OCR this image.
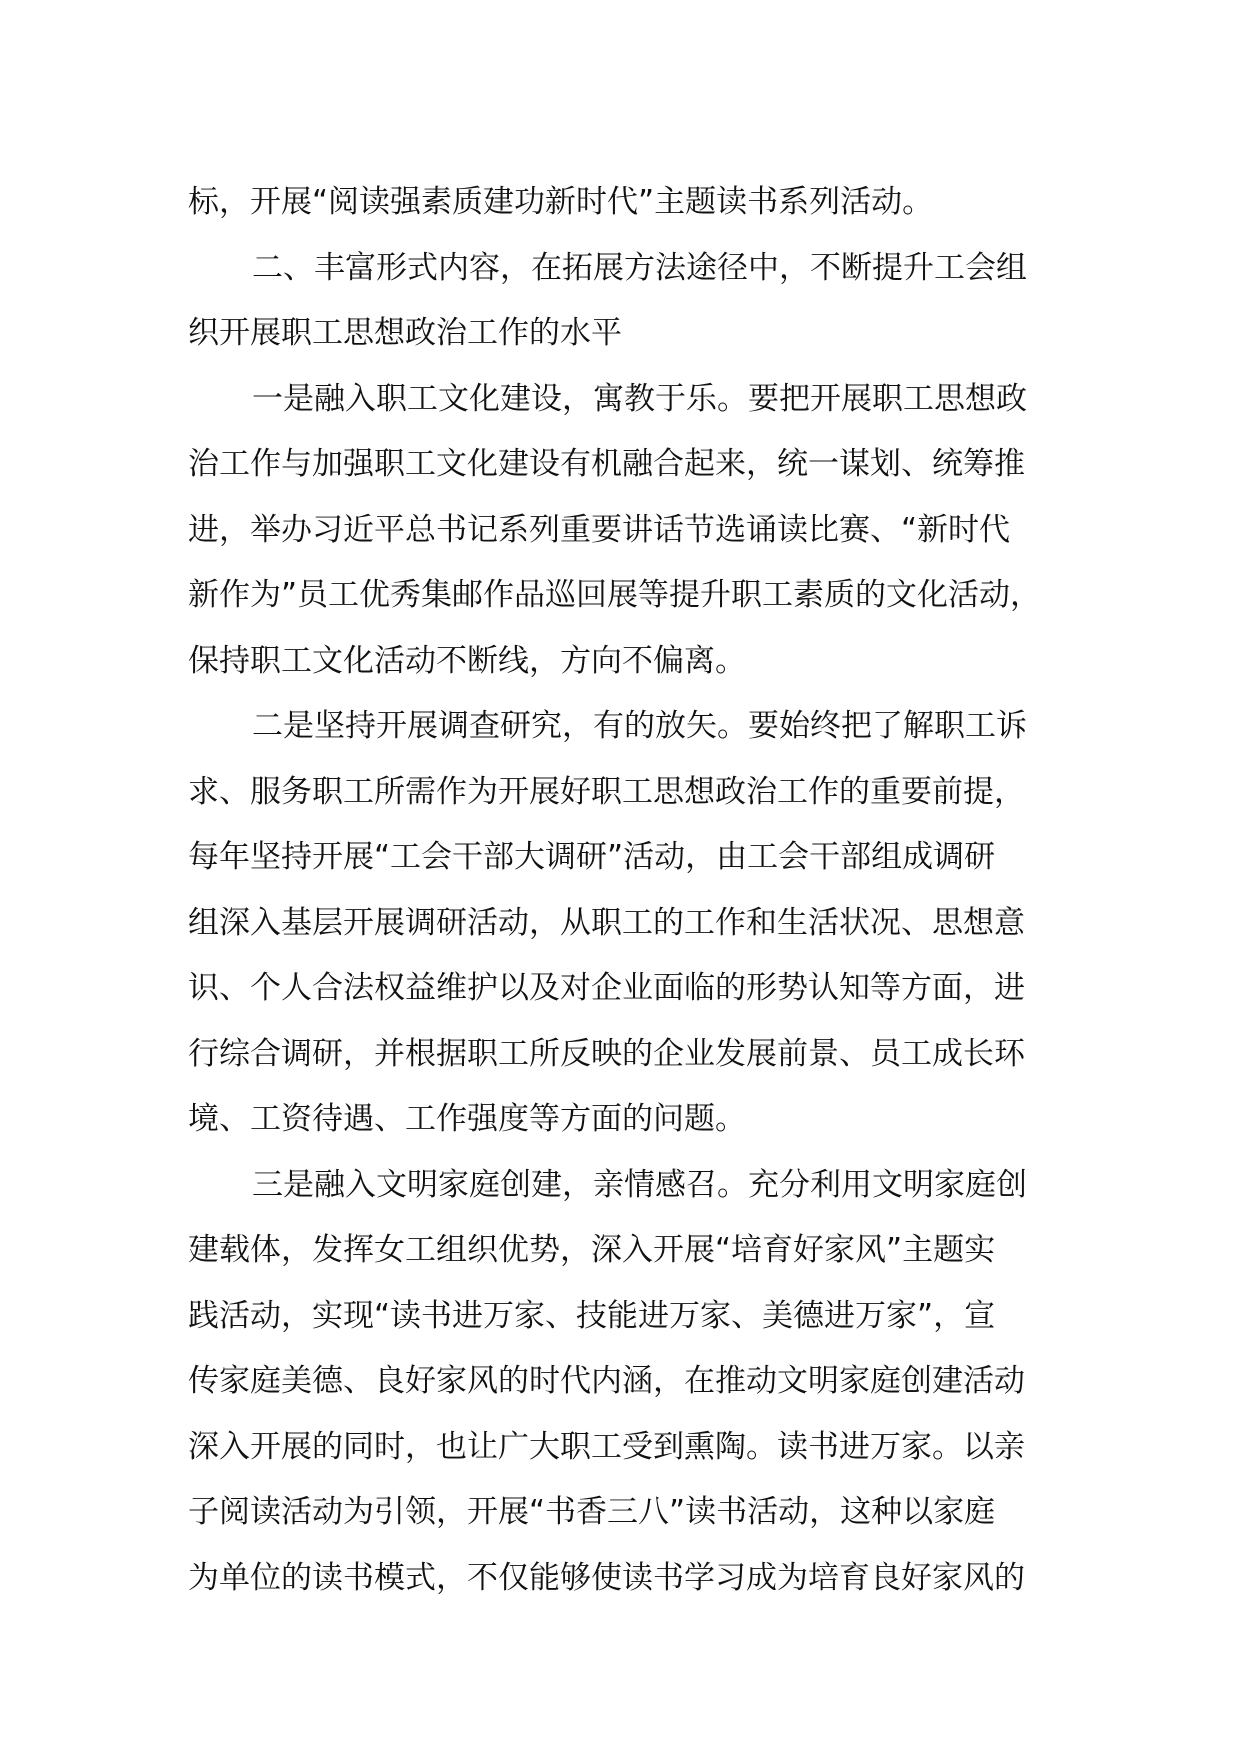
标，开展“阅读强素质建功新时代”主题读书系列活动。
二、丰富形式内容，在拓展方法途径中，不断提升工会组
织开展职工思想政治工作的水平
一是融入职工文化建设，寓教于乐。要把开展职工思想政
治工作与加强职工文化建设有机融合起来，统一谋划、统筹推
进，举办习近平总书记系列重要讲话节选诵读比赛、“新时代
新作为”员工优秀集邮作品巡回展等提升职工素质的文化活动，
保持职工文化活动不断线，方向不偏离。
二是坚持开展调查研究，有的放矢。要始终把了解职工诉
求、服务职工所需作为开展好职工思想政治工作的重要前提，
每年坚持开展“工会干部大调研”活动，由工会干部组成调研
组深入基层开展调研活动，从职工的工作和生活状况、思想意
识、个人合法权益维护以及对企业面临的形势认知等方面，进
行综合调研，并根据职工所反映的企业发展前景、员工成长环
境、工资待遇、工作强度等方面的问题。
三是融入文明家庭创建，亲情感召。充分利用文明家庭创
建载体，发挥女工组织优势，深入开展“培育好家风”主题实
践活动，实现“读书进万家、技能进万家、美德进万家”，宣
传家庭美德、良好家风的时代内涵，在推动文明家庭创建活动
深入开展的同时，也让广大职工受到熏陶。读书进万家。以亲
子阅读活动为引领，开展“书香三八”读书活动，这种以家庭
为单位的读书模式，不仅能够使读书学习成为培育良好家风的
